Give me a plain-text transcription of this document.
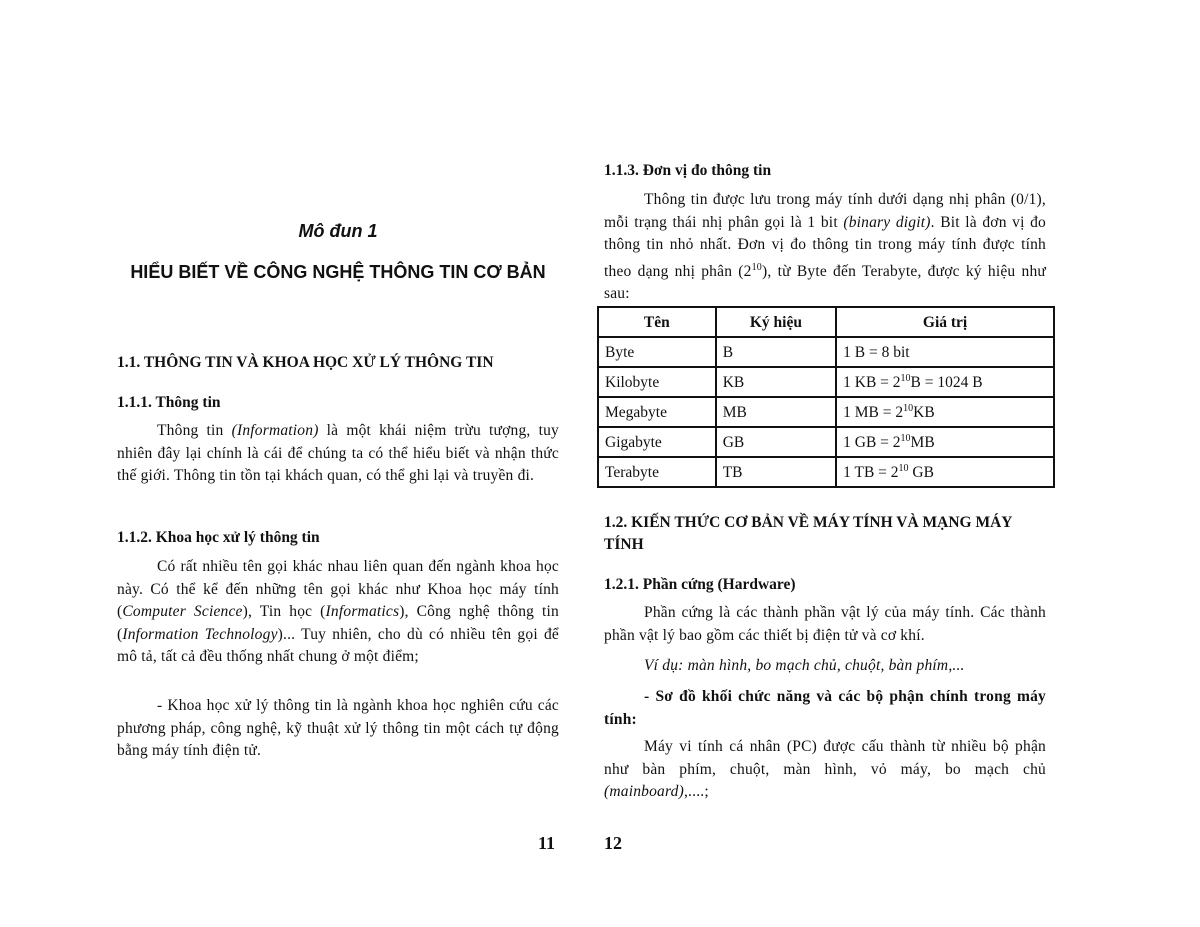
Mô đun 1
HIỂU BIẾT VỀ CÔNG NGHỆ THÔNG TIN CƠ BẢN
1.1. THÔNG TIN VÀ KHOA HỌC XỬ LÝ THÔNG TIN
1.1.1. Thông tin

Thông tin (Information) là một khái niệm trừu tượng, tuy nhiên đây lại chính là cái để chúng ta có thể hiểu biết và nhận thức thế giới. Thông tin tồn tại khách quan, có thể ghi lại và truyền đi.

1.1.2. Khoa học xử lý thông tin

Có rất nhiều tên gọi khác nhau liên quan đến ngành khoa học này. Có thể kể đến những tên gọi khác như Khoa học máy tính (Computer Science), Tin học (Informatics), Công nghệ thông tin (Information Technology)... Tuy nhiên, cho dù có nhiều tên gọi để mô tả, tất cả đều thống nhất chung ở một điểm;

- Khoa học xử lý thông tin là ngành khoa học nghiên cứu các phương pháp, công nghệ, kỹ thuật xử lý thông tin một cách tự động bằng máy tính điện tử.

11
1.1.3. Đơn vị đo thông tin

Thông tin được lưu trong máy tính dưới dạng nhị phân (0/1), mỗi trạng thái nhị phân gọi là 1 bit (binary digit). Bit là đơn vị đo thông tin nhỏ nhất. Đơn vị đo thông tin trong máy tính được tính theo dạng nhị phân $(2^{10})$, từ Byte đến Terabyte, được ký hiệu như sau:

Tên	Ký hiệu	Giá trị
Byte	B	1 B = 8 bit
Kilobyte	KB	1 KB = $2^{10}B = 1024$ B
Megabyte	MB	1 MB = $2^{10}KB$
Gigabyte	GB	1 GB = $2^{10}MB$
Terabyte	TB	1 TB = $2^{10}$ GB
1.2. KIẾN THỨC CƠ BẢN VỀ MÁY TÍNH VÀ MẠNG MÁY TÍNH
1.2.1. Phần cứng (Hardware)

Phần cứng là các thành phần vật lý của máy tính. Các thành phần vật lý bao gồm các thiết bị điện tử và cơ khí.

Ví dụ: màn hình, bo mạch chủ, chuột, bàn phím,...

- Sơ đồ khối chức năng và các bộ phận chính trong máy tính:

Máy vi tính cá nhân (PC) được cấu thành từ nhiều bộ phận như bàn phím, chuột, màn hình, vỏ máy, bo mạch chủ (mainboard),....;

12
